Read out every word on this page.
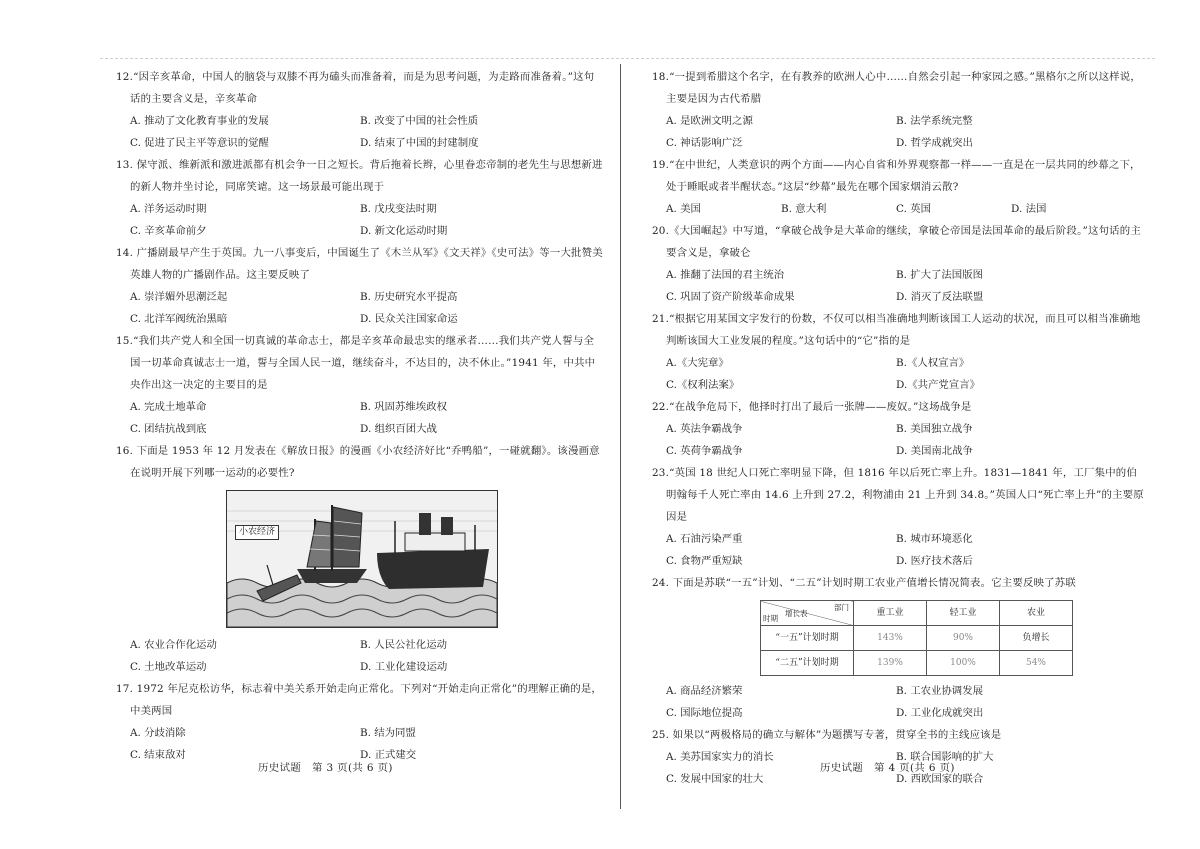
12.“因辛亥革命，中国人的脑袋与双膝不再为磕头而准备着，而是为思考问题，为走路而准备着。”这句话的主要含义是，辛亥革命

A. 推动了文化教育事业的发展	B. 改变了中国的社会性质

C. 促进了民主平等意识的觉醒	D. 结束了中国的封建制度

13. 保守派、维新派和激进派都有机会争一日之短长。背后拖着长辫，心里眷恋帝制的老先生与思想新进的新人物并坐讨论，同席笑谑。这一场景最可能出现于

A. 洋务运动时期	B. 戊戌变法时期

C. 辛亥革命前夕	D. 新文化运动时期

14. 广播剧最早产生于英国。九一八事变后，中国诞生了《木兰从军》《文天祥》《史可法》等一大批赞美英雄人物的广播剧作品。这主要反映了

A. 崇洋媚外思潮泛起	B. 历史研究水平提高

C. 北洋军阀统治黑暗	D. 民众关注国家命运

15.“我们共产党人和全国一切真诚的革命志士，都是辛亥革命最忠实的继承者……我们共产党人誓与全国一切革命真诚志士一道，誓与全国人民一道，继续奋斗，不达目的，决不休止。”1941 年，中共中央作出这一决定的主要目的是

A. 完成土地革命	B. 巩固苏维埃政权

C. 团结抗战到底	D. 组织百团大战

16. 下面是 1953 年 12 月发表在《解放日报》的漫画《小农经济好比“乔鸭船”，一碰就翻》。该漫画意在说明开展下列哪一运动的必要性?

小农经济

A. 农业合作化运动	B. 人民公社化运动

C. 土地改革运动	D. 工业化建设运动

17. 1972 年尼克松访华，标志着中美关系开始走向正常化。下列对“开始走向正常化”的理解正确的是，中美两国

A. 分歧消除	B. 结为同盟

C. 结束敌对	D. 正式建交

历史试题　第 3 页(共 6 页)

18.“一提到希腊这个名字，在有教养的欧洲人心中……自然会引起一种家园之感。”黑格尔之所以这样说，主要是因为古代希腊

A. 是欧洲文明之源	B. 法学系统完整

C. 神话影响广泛	D. 哲学成就突出

19.“在中世纪，人类意识的两个方面——内心自省和外界观察都一样——一直是在一层共同的纱幕之下，处于睡眠或者半醒状态。”这层“纱幕”最先在哪个国家烟消云散?

A. 美国	B. 意大利	C. 英国	D. 法国

20.《大国崛起》中写道，“拿破仑战争是大革命的继续，拿破仑帝国是法国革命的最后阶段。”这句话的主要含义是，拿破仑

A. 推翻了法国的君主统治	B. 扩大了法国版图

C. 巩固了资产阶级革命成果	D. 消灭了反法联盟

21.“根据它用某国文字发行的份数，不仅可以相当准确地判断该国工人运动的状况，而且可以相当准确地判断该国大工业发展的程度。”这句话中的“它”指的是

A.《大宪章》	B.《人权宣言》

C.《权利法案》	D.《共产党宣言》

22.“在战争危局下，他择时打出了最后一张牌——废奴。”这场战争是

A. 英法争霸战争	B. 美国独立战争

C. 英荷争霸战争	D. 美国南北战争

23.“英国 18 世纪人口死亡率明显下降，但 1816 年以后死亡率上升。1831—1841 年，工厂集中的伯明翰每千人死亡率由 14.6 上升到 27.2，利物浦由 21 上升到 34.8。”英国人口“死亡率上升”的主要原因是

A. 石油污染严重	B. 城市环境恶化

C. 食物严重短缺	D. 医疗技术落后

24. 下面是苏联“一五”计划、“二五”计划时期工农业产值增长情况简表。它主要反映了苏联

部门
增长表
时期	重工业	轻工业	农业
“一五”计划时期	143%	90%	负增长
“二五”计划时期	139%	100%	54%

A. 商品经济繁荣	B. 工农业协调发展

C. 国际地位提高	D. 工业化成就突出

25. 如果以“两极格局的确立与解体”为题撰写专著，贯穿全书的主线应该是

A. 美苏国家实力的消长	B. 联合国影响的扩大

C. 发展中国家的壮大	D. 西欧国家的联合

历史试题　第 4 页(共 6 页)
